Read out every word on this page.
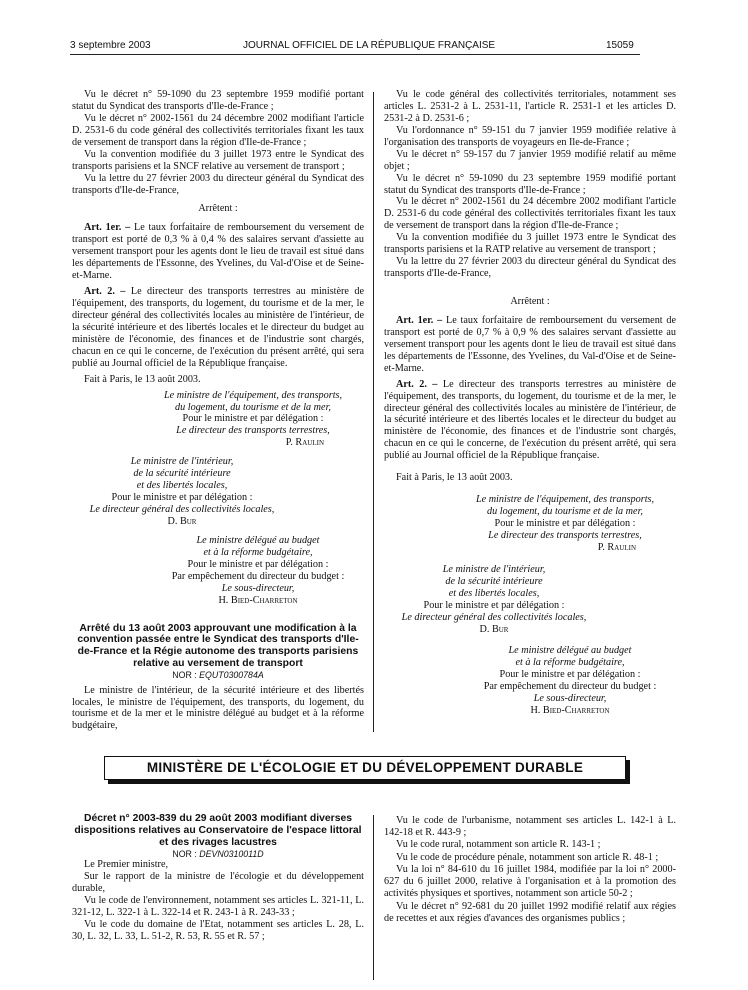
3 septembre 2003	JOURNAL OFFICIEL DE LA RÉPUBLIQUE FRANÇAISE	15059

Vu le décret n° 59-1090 du 23 septembre 1959 modifié portant statut du Syndicat des transports d'Ile-de-France ;

Vu le décret n° 2002-1561 du 24 décembre 2002 modifiant l'article D. 2531-6 du code général des collectivités territoriales fixant les taux de versement de transport dans la région d'Ile-de-France ;

Vu la convention modifiée du 3 juillet 1973 entre le Syndicat des transports parisiens et la SNCF relative au versement de transport ;

Vu la lettre du 27 février 2003 du directeur général du Syndicat des transports d'Ile-de-France,

Arrêtent :

Art. 1er. – Le taux forfaitaire de remboursement du versement de transport est porté de 0,3 % à 0,4 % des salaires servant d'assiette au versement transport pour les agents dont le lieu de travail est situé dans les départements de l'Essonne, des Yvelines, du Val-d'Oise et de Seine-et-Marne.

Art. 2. – Le directeur des transports terrestres au ministère de l'équipement, des transports, du logement, du tourisme et de la mer, le directeur général des collectivités locales au ministère de l'intérieur, de la sécurité intérieure et des libertés locales et le directeur du budget au ministère de l'économie, des finances et de l'industrie sont chargés, chacun en ce qui le concerne, de l'exécution du présent arrêté, qui sera publié au Journal officiel de la République française.

Fait à Paris, le 13 août 2003.

Le ministre de l'équipement, des transports,

du logement, du tourisme et de la mer,

Pour le ministre et par délégation :

Le directeur des transports terrestres,

P. Raulin

Le ministre de l'intérieur,

de la sécurité intérieure

et des libertés locales,

Pour le ministre et par délégation :

Le directeur général des collectivités locales,

D. Bur

Le ministre délégué au budget

et à la réforme budgétaire,

Pour le ministre et par délégation :

Par empêchement du directeur du budget :

Le sous-directeur,

H. Bied-Charreton

Arrêté du 13 août 2003 approuvant une modification à la convention passée entre le Syndicat des transports d'Ile-de-France et la Régie autonome des transports parisiens relative au versement de transport

NOR : EQUT0300784A

Le ministre de l'intérieur, de la sécurité intérieure et des libertés locales, le ministre de l'équipement, des transports, du logement, du tourisme et de la mer et le ministre délégué au budget et à la réforme budgétaire,

Vu le code général des collectivités territoriales, notamment ses articles L. 2531-2 à L. 2531-11, l'article R. 2531-1 et les articles D. 2531-2 à D. 2531-6 ;

Vu l'ordonnance n° 59-151 du 7 janvier 1959 modifiée relative à l'organisation des transports de voyageurs en Ile-de-France ;

Vu le décret n° 59-157 du 7 janvier 1959 modifié relatif au même objet ;

Vu le décret n° 59-1090 du 23 septembre 1959 modifié portant statut du Syndicat des transports d'Ile-de-France ;

Vu le décret n° 2002-1561 du 24 décembre 2002 modifiant l'article D. 2531-6 du code général des collectivités territoriales fixant les taux de versement de transport dans la région d'Ile-de-France ;

Vu la convention modifiée du 3 juillet 1973 entre le Syndicat des transports parisiens et la RATP relative au versement de transport ;

Vu la lettre du 27 février 2003 du directeur général du Syndicat des transports d'Ile-de-France,

Arrêtent :

Art. 1er. – Le taux forfaitaire de remboursement du versement de transport est porté de 0,7 % à 0,9 % des salaires servant d'assiette au versement transport pour les agents dont le lieu de travail est situé dans les départements de l'Essonne, des Yvelines, du Val-d'Oise et de Seine-et-Marne.

Art. 2. – Le directeur des transports terrestres au ministère de l'équipement, des transports, du logement, du tourisme et de la mer, le directeur général des collectivités locales au ministère de l'intérieur, de la sécurité intérieure et des libertés locales et le directeur du budget au ministère de l'économie, des finances et de l'industrie sont chargés, chacun en ce qui le concerne, de l'exécution du présent arrêté, qui sera publié au Journal officiel de la République française.

Fait à Paris, le 13 août 2003.

Le ministre de l'équipement, des transports,

du logement, du tourisme et de la mer,

Pour le ministre et par délégation :

Le directeur des transports terrestres,

P. Raulin

Le ministre de l'intérieur,

de la sécurité intérieure

et des libertés locales,

Pour le ministre et par délégation :

Le directeur général des collectivités locales,

D. Bur

Le ministre délégué au budget

et à la réforme budgétaire,

Pour le ministre et par délégation :

Par empêchement du directeur du budget :

Le sous-directeur,

H. Bied-Charreton

MINISTÈRE DE L'ÉCOLOGIE ET DU DÉVELOPPEMENT DURABLE

Décret n° 2003-839 du 29 août 2003 modifiant diverses dispositions relatives au Conservatoire de l'espace littoral et des rivages lacustres

NOR : DEVN0310011D

Le Premier ministre,

Sur le rapport de la ministre de l'écologie et du développement durable,

Vu le code de l'environnement, notamment ses articles L. 321-11, L. 321-12, L. 322-1 à L. 322-14 et R. 243-1 à R. 243-33 ;

Vu le code du domaine de l'Etat, notamment ses articles L. 28, L. 30, L. 32, L. 33, L. 51-2, R. 53, R. 55 et R. 57 ;

Vu le code de l'urbanisme, notamment ses articles L. 142-1 à L. 142-18 et R. 443-9 ;

Vu le code rural, notamment son article R. 143-1 ;

Vu le code de procédure pénale, notamment son article R. 48-1 ;

Vu la loi n° 84-610 du 16 juillet 1984, modifiée par la loi n° 2000-627 du 6 juillet 2000, relative à l'organisation et à la promotion des activités physiques et sportives, notamment son article 50-2 ;

Vu le décret n° 92-681 du 20 juillet 1992 modifié relatif aux régies de recettes et aux régies d'avances des organismes publics ;
